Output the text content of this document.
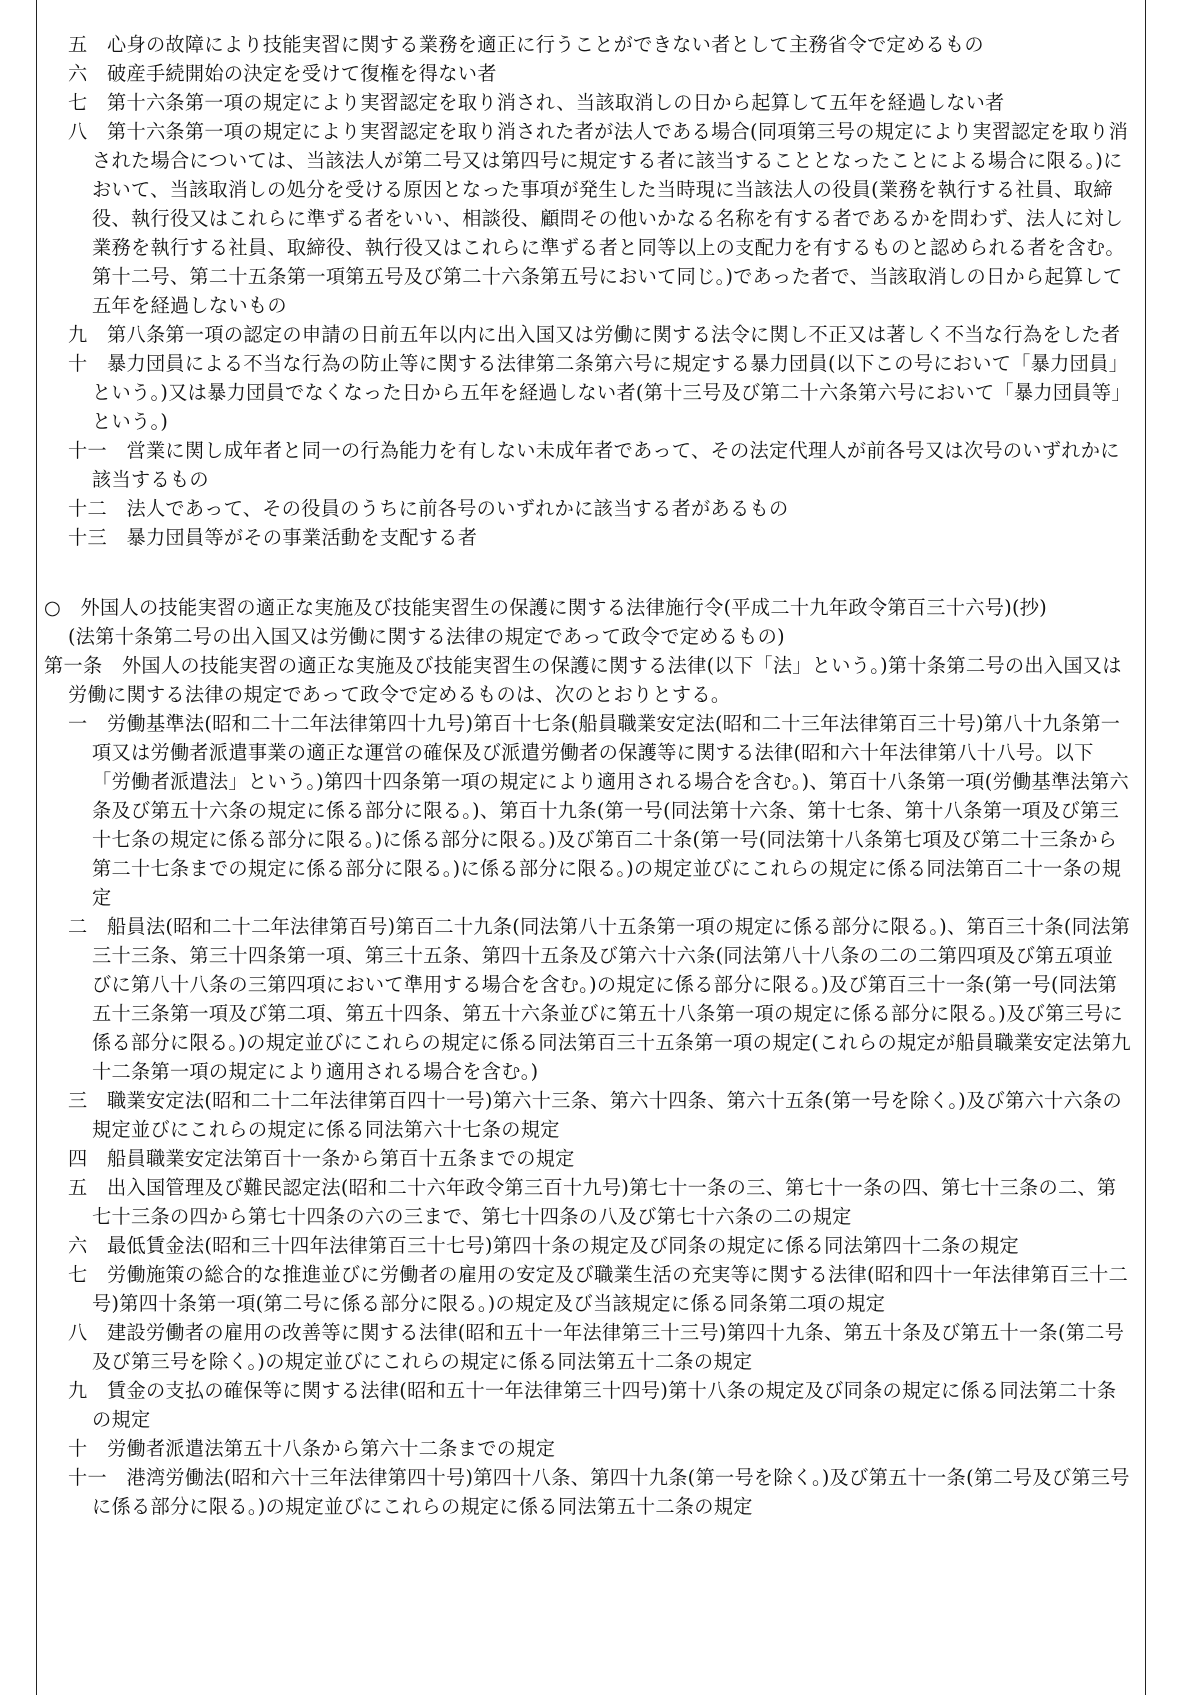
五　心身の故障により技能実習に関する業務を適正に行うことができない者として主務省令で定めるもの

六　破産手続開始の決定を受けて復権を得ない者

七　第十六条第一項の規定により実習認定を取り消され、当該取消しの日から起算して五年を経過しない者

八　第十六条第一項の規定により実習認定を取り消された者が法人である場合(同項第三号の規定により実習認定を取り消された場合については、当該法人が第二号又は第四号に規定する者に該当することとなったことによる場合に限る。)において、当該取消しの処分を受ける原因となった事項が発生した当時現に当該法人の役員(業務を執行する社員、取締役、執行役又はこれらに準ずる者をいい、相談役、顧問その他いかなる名称を有する者であるかを問わず、法人に対し業務を執行する社員、取締役、執行役又はこれらに準ずる者と同等以上の支配力を有するものと認められる者を含む。第十二号、第二十五条第一項第五号及び第二十六条第五号において同じ。)であった者で、当該取消しの日から起算して五年を経過しないもの

九　第八条第一項の認定の申請の日前五年以内に出入国又は労働に関する法令に関し不正又は著しく不当な行為をした者

十　暴力団員による不当な行為の防止等に関する法律第二条第六号に規定する暴力団員(以下この号において「暴力団員」という。)又は暴力団員でなくなった日から五年を経過しない者(第十三号及び第二十六条第六号において「暴力団員等」という。)

十一　営業に関し成年者と同一の行為能力を有しない未成年者であって、その法定代理人が前各号又は次号のいずれかに該当するもの

十二　法人であって、その役員のうちに前各号のいずれかに該当する者があるもの

十三　暴力団員等がその事業活動を支配する者

○　外国人の技能実習の適正な実施及び技能実習生の保護に関する法律施行令(平成二十九年政令第百三十六号)(抄)

(法第十条第二号の出入国又は労働に関する法律の規定であって政令で定めるもの)

第一条　外国人の技能実習の適正な実施及び技能実習生の保護に関する法律(以下「法」という。)第十条第二号の出入国又は労働に関する法律の規定であって政令で定めるものは、次のとおりとする。

一　労働基準法(昭和二十二年法律第四十九号)第百十七条(船員職業安定法(昭和二十三年法律第百三十号)第八十九条第一項又は労働者派遣事業の適正な運営の確保及び派遣労働者の保護等に関する法律(昭和六十年法律第八十八号。以下「労働者派遣法」という。)第四十四条第一項の規定により適用される場合を含む。)、第百十八条第一項(労働基準法第六条及び第五十六条の規定に係る部分に限る。)、第百十九条(第一号(同法第十六条、第十七条、第十八条第一項及び第三十七条の規定に係る部分に限る。)に係る部分に限る。)及び第百二十条(第一号(同法第十八条第七項及び第二十三条から第二十七条までの規定に係る部分に限る。)に係る部分に限る。)の規定並びにこれらの規定に係る同法第百二十一条の規定

二　船員法(昭和二十二年法律第百号)第百二十九条(同法第八十五条第一項の規定に係る部分に限る。)、第百三十条(同法第三十三条、第三十四条第一項、第三十五条、第四十五条及び第六十六条(同法第八十八条の二の二第四項及び第五項並びに第八十八条の三第四項において準用する場合を含む。)の規定に係る部分に限る。)及び第百三十一条(第一号(同法第五十三条第一項及び第二項、第五十四条、第五十六条並びに第五十八条第一項の規定に係る部分に限る。)及び第三号に係る部分に限る。)の規定並びにこれらの規定に係る同法第百三十五条第一項の規定(これらの規定が船員職業安定法第九十二条第一項の規定により適用される場合を含む。)

三　職業安定法(昭和二十二年法律第百四十一号)第六十三条、第六十四条、第六十五条(第一号を除く。)及び第六十六条の規定並びにこれらの規定に係る同法第六十七条の規定

四　船員職業安定法第百十一条から第百十五条までの規定

五　出入国管理及び難民認定法(昭和二十六年政令第三百十九号)第七十一条の三、第七十一条の四、第七十三条の二、第七十三条の四から第七十四条の六の三まで、第七十四条の八及び第七十六条の二の規定

六　最低賃金法(昭和三十四年法律第百三十七号)第四十条の規定及び同条の規定に係る同法第四十二条の規定

七　労働施策の総合的な推進並びに労働者の雇用の安定及び職業生活の充実等に関する法律(昭和四十一年法律第百三十二号)第四十条第一項(第二号に係る部分に限る。)の規定及び当該規定に係る同条第二項の規定

八　建設労働者の雇用の改善等に関する法律(昭和五十一年法律第三十三号)第四十九条、第五十条及び第五十一条(第二号及び第三号を除く。)の規定並びにこれらの規定に係る同法第五十二条の規定

九　賃金の支払の確保等に関する法律(昭和五十一年法律第三十四号)第十八条の規定及び同条の規定に係る同法第二十条の規定

十　労働者派遣法第五十八条から第六十二条までの規定

十一　港湾労働法(昭和六十三年法律第四十号)第四十八条、第四十九条(第一号を除く。)及び第五十一条(第二号及び第三号に係る部分に限る。)の規定並びにこれらの規定に係る同法第五十二条の規定
